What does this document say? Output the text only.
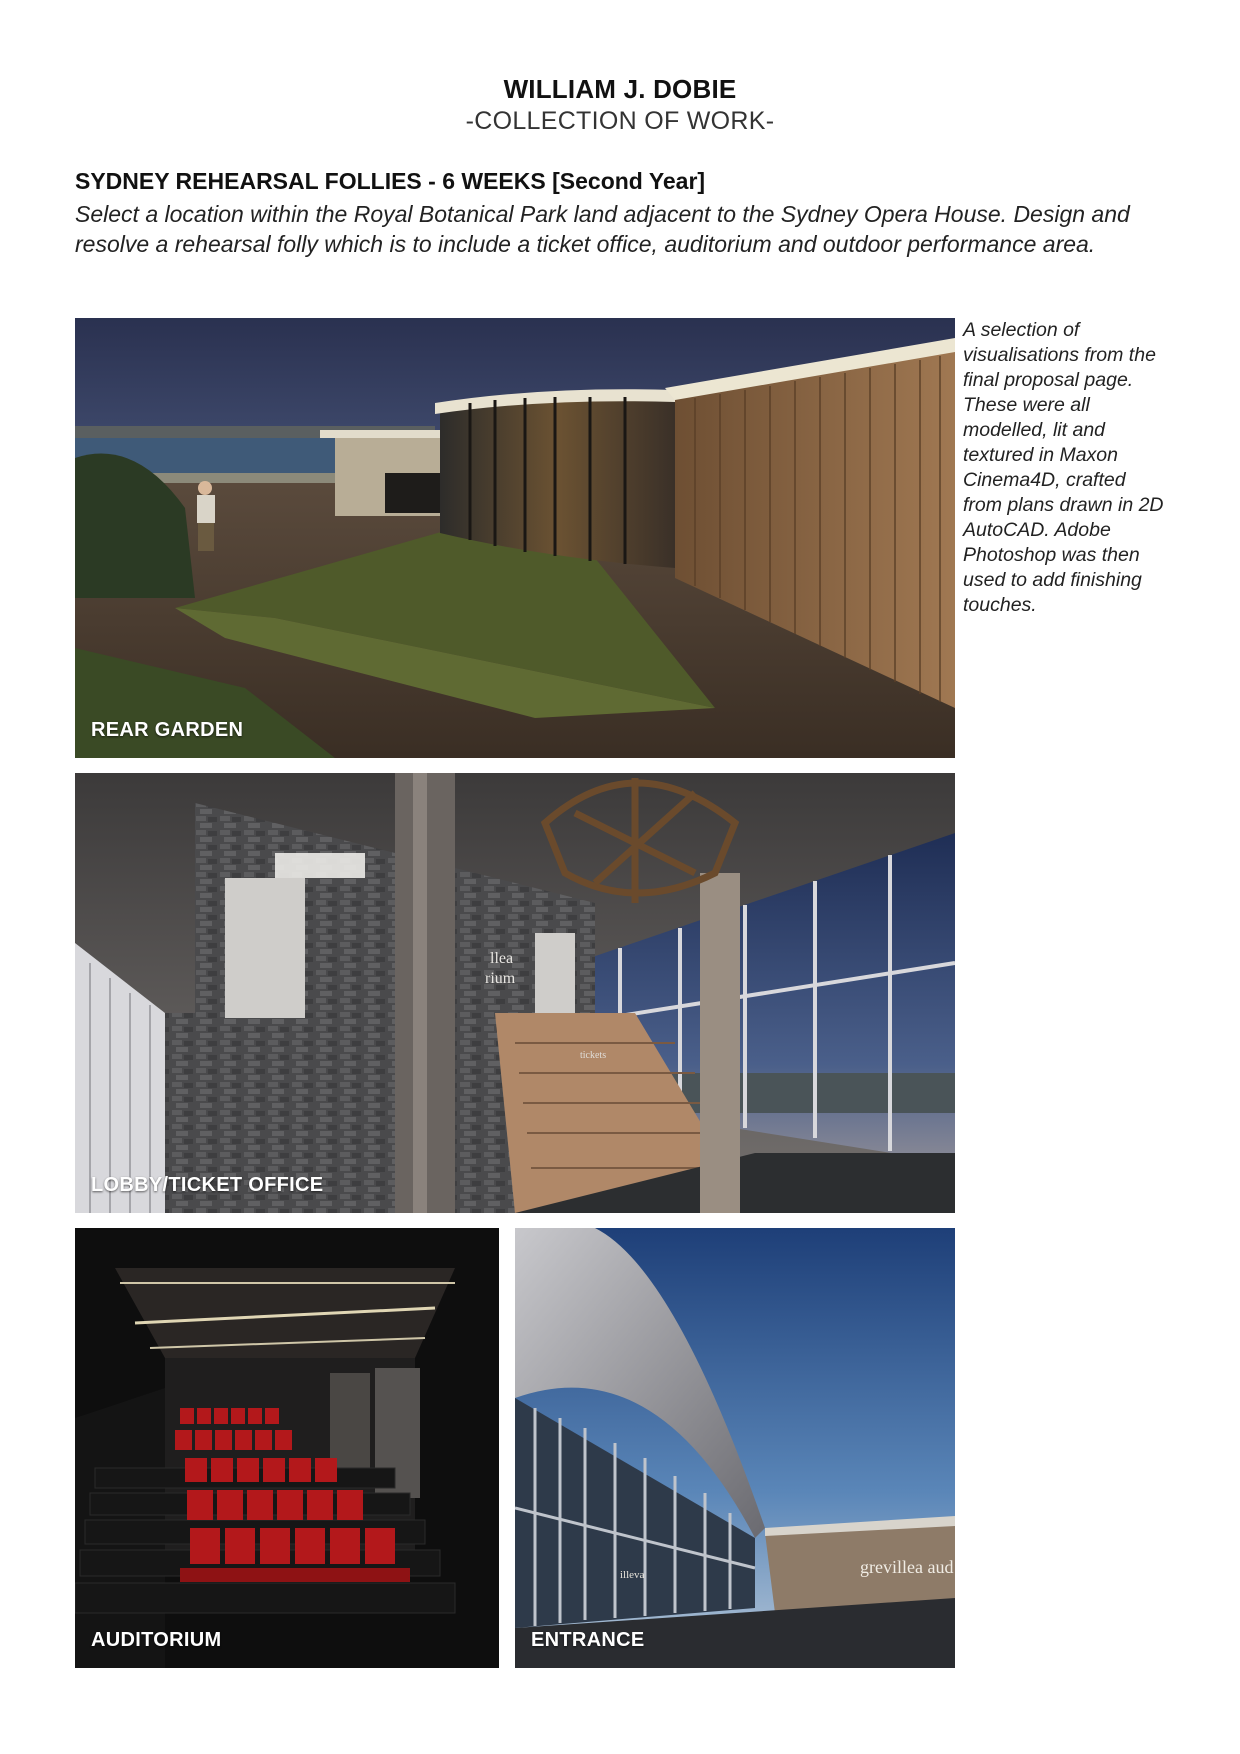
WILLIAM J. DOBIE
-COLLECTION OF WORK-
SYDNEY REHEARSAL FOLLIES - 6 WEEKS [Second Year]
Select a location within the Royal Botanical Park land adjacent to the Sydney Opera House. Design and resolve a rehearsal folly which is to include a ticket office, auditorium and outdoor performance area.
A selection of visualisations from the final proposal page. These were all modelled, lit and textured in Maxon Cinema4D, crafted from plans drawn in 2D AutoCAD. Adobe Photoshop was then used to add finishing touches.
REAR GARDEN
llea
rium
tickets
LOBBY/TICKET OFFICE
AUDITORIUM
grevillea aud
illeva
ENTRANCE
